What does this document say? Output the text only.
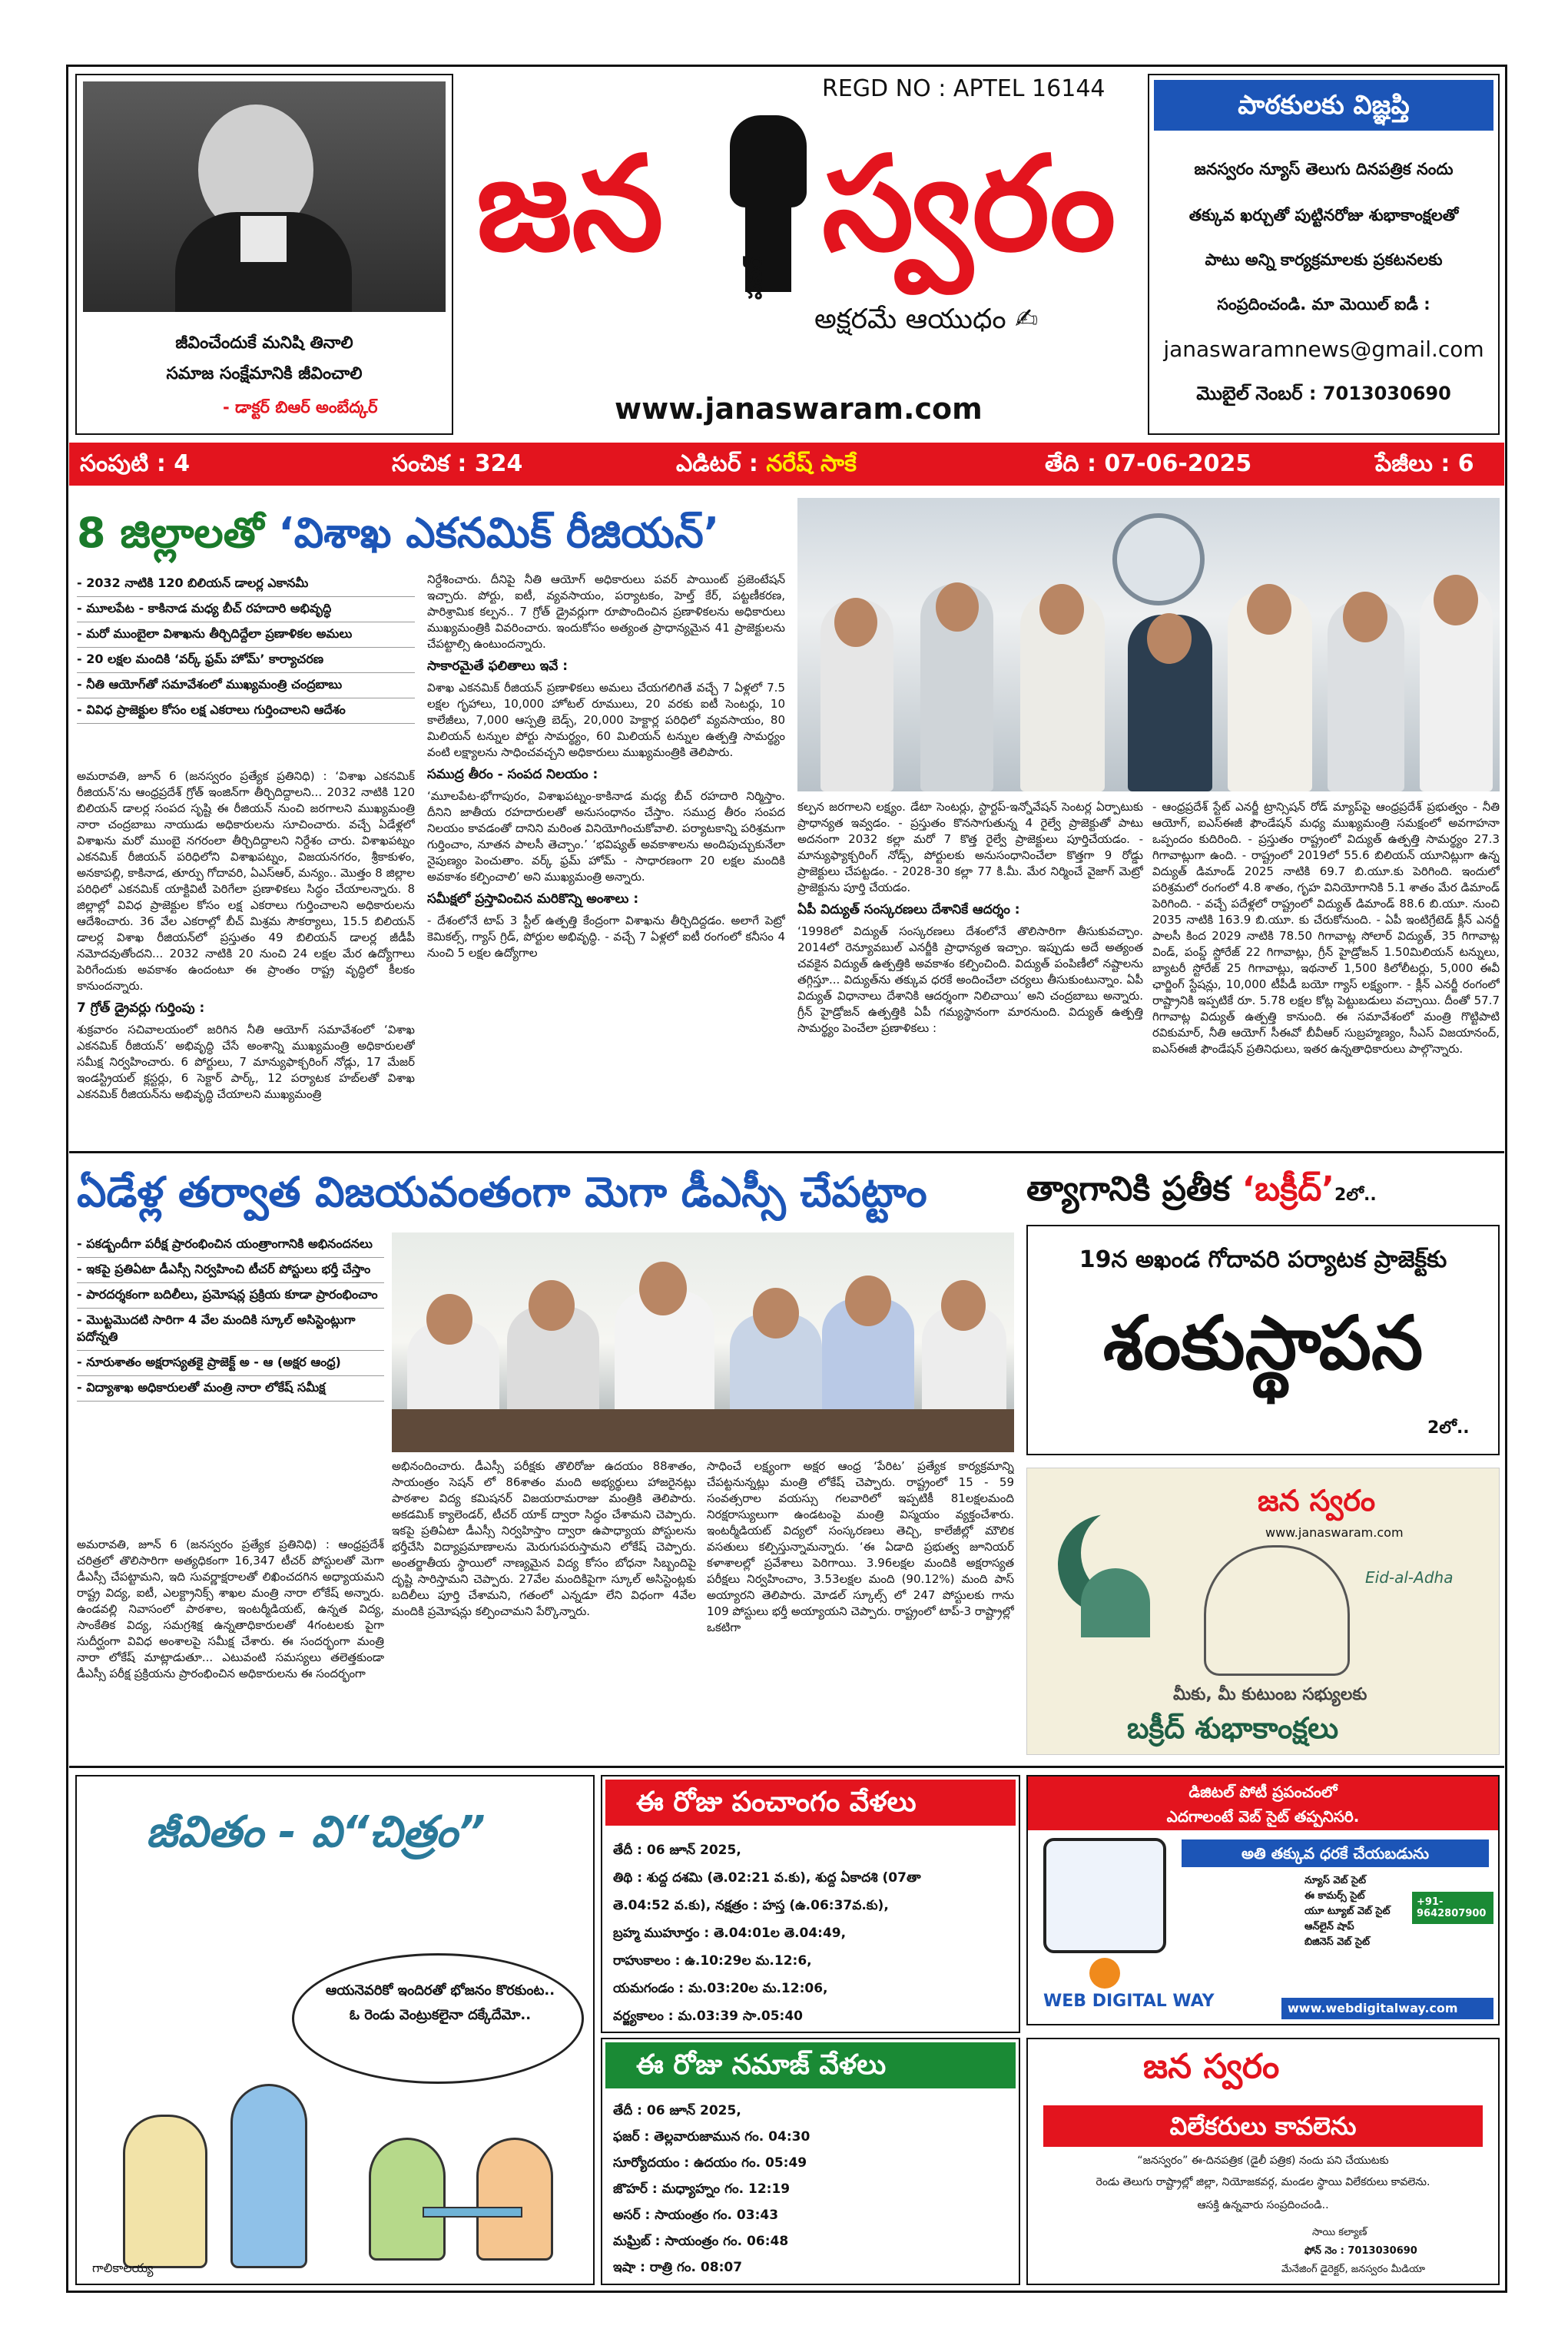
జీవించేందుకే మనిషి తినాలి
సమాజ సంక్షేమానికి జీవించాలి
- డాక్టర్ బిఆర్ అంబేద్కర్
REGD NO : APTEL 16144
జన స్వరం
పవర్
అక్షరమే ఆయుధం ✍
www.janaswaram.com
పాఠకులకు విజ్ఞప్తి
జనస్వరం న్యూస్ తెలుగు దినపత్రిక నందు
తక్కువ ఖర్చుతో పుట్టినరోజు శుభాకాంక్షలతో
పాటు అన్ని కార్యక్రమాలకు ప్రకటనలకు
సంప్రదించండి. మా మెయిల్ ఐడీ :
janaswaramnews@gmail.com
మొబైల్ నెంబర్ : 7013030690
సంపుటి : 4	సంచిక : 324	ఎడిటర్ : నరేష్ సాకే	తేది : 07-06-2025	పేజీలు : 6
8 జిల్లాలతో ‘విశాఖ ఎకనమిక్ రీజియన్’
- 2032 నాటికి 120 బిలియన్ డాలర్ల ఎకానమీ
- మూలపేట - కాకినాడ మధ్య బీచ్ రహదారి అభివృద్ధి
- మరో ముంబైలా విశాఖను తీర్చిదిద్దేలా ప్రణాళికల అమలు
- 20 లక్షల మందికి ‘వర్క్ ఫ్రమ్ హోమ్’ కార్యాచరణ
- నీతి ఆయోగ్‌తో సమావేశంలో ముఖ్యమంత్రి చంద్రబాబు
- వివిధ ప్రాజెక్టుల కోసం లక్ష ఎకరాలు గుర్తించాలని ఆదేశం

అమరావతి, జూన్ 6 (జనస్వరం ప్రత్యేక ప్రతినిధి) : ‘విశాఖ ఎకనమిక్ రీజియన్’ను ఆంధ్రప్రదేశ్ గ్రోత్ ఇంజిన్‌గా తీర్చిదిద్దాలని... 2032 నాటికి 120 బిలియన్ డాలర్ల సంపద సృష్టి ఈ రీజియన్ నుంచి జరగాలని ముఖ్యమంత్రి నారా చంద్రబాబు నాయుడు అధికారులను సూచించారు. వచ్చే ఏడేళ్లలో విశాఖను మరో ముంబై నగరంలా తీర్చిదిద్దాలని నిర్దేశం చారు. విశాఖపట్నం ఎకనమిక్ రీజియన్ పరిధిలోని విశాఖపట్నం, విజయనగరం, శ్రీకాకుళం, అనకాపల్లి, కాకినాడ, తూర్పు గోదావరి, ఏఎస్ఆర్, మన్యం.. మొత్తం 8 జిల్లాల పరిధిలో ఎకనమిక్ యాక్టివిటీ పెరిగేలా ప్రణాళికలు సిద్ధం చేయాలన్నారు. 8 జిల్లాల్లో వివిధ ప్రాజెక్టుల కోసం లక్ష ఎకరాలు గుర్తించాలని అధికారులను ఆదేశించారు. 36 వేల ఎకరాల్లో బీచ్ మిశ్రమ సౌకర్యాలు, 15.5 బిలియన్ డాలర్ల విశాఖ రీజియన్‌లో ప్రస్తుతం 49 బిలియన్ డాలర్ల జీడీపీ నమోదవుతోందని... 2032 నాటికి 20 నుంచి 24 లక్షల మేర ఉద్యోగాలు పెరిగేందుకు అవకాశం ఉందంటూ ఈ ప్రాంతం రాష్ట్ర వృద్ధిలో కీలకం కానుందన్నారు.

7 గ్రోత్ డ్రైవర్లు గుర్తింపు :

శుక్రవారం సచివాలయంలో జరిగిన నీతి ఆయోగ్ సమావేశంలో ‘విశాఖ ఎకనమిక్ రీజియన్’ అభివృద్ధి చేసే అంశాన్ని ముఖ్యమంత్రి అధికారులతో సమీక్ష నిర్వహించారు. 6 పోర్టులు, 7 మాన్యుఫాక్చరింగ్ నోడ్లు, 17 మేజర్ ఇండస్ట్రియల్ క్లస్టర్లు, 6 సెక్టార్ పార్క్, 12 పర్యాటక హబ్‌లతో విశాఖ ఎకనమిక్ రీజియన్‌ను అభివృద్ధి చేయాలని ముఖ్యమంత్రి

నిర్దేశించారు. దీనిపై నీతి ఆయోగ్ అధికారులు పవర్ పాయింట్ ప్రజెంటేషన్ ఇచ్చారు. పోర్టు, ఐటీ, వ్యవసాయం, పర్యాటకం, హెల్త్ కేర్, పట్టణీకరణ, పారిశ్రామిక కల్పన.. 7 గ్రోత్ డ్రైవర్లుగా రూపొందించిన ప్రణాళికలను అధికారులు ముఖ్యమంత్రికి వివరించారు. ఇందుకోసం అత్యంత ప్రాధాన్యమైన 41 ప్రాజెక్టులను చేపట్టాల్సి ఉంటుందన్నారు.

సాకారమైతే ఫలితాలు ఇవే :

విశాఖ ఎకనమిక్ రీజియన్ ప్రణాళికలు అమలు చేయగలిగితే వచ్చే 7 ఏళ్లలో 7.5 లక్షల గృహాలు, 10,000 హోటల్ రూములు, 20 వరకు ఐటీ సెంటర్లు, 10 కాలేజీలు, 7,000 ఆస్పత్రి బెడ్స్, 20,000 హెక్టార్ల పరిధిలో వ్యవసాయం, 80 మిలియన్ టన్నుల పోర్టు సామర్థ్యం, 60 మిలియన్ టన్నుల ఉత్పత్తి సామర్థ్యం వంటి లక్ష్యాలను సాధించవచ్చని అధికారులు ముఖ్యమంత్రికి తెలిపారు.

సముద్ర తీరం - సంపద నిలయం :

‘మూలపేట-భోగాపురం, విశాఖపట్నం-కాకినాడ మధ్య బీచ్ రహదారి నిర్మిస్తాం. దీనిని జాతీయ రహదారులతో అనుసంధానం చేస్తాం. సముద్ర తీరం సంపద నిలయం కావడంతో దానిని మరింత వినియోగించుకోవాలి. పర్యాటకాన్ని పరిశ్రమగా గుర్తించాం, నూతన పాలసీ తెచ్చాం.’ ‘భవిష్యత్ అవకాశాలను అందిపుచ్చుకునేలా నైపుణ్యం పెంచుతాం. వర్క్ ఫ్రమ్ హోమ్ - సాధారణంగా 20 లక్షల మందికి అవకాశం కల్పించాలి’ అని ముఖ్యమంత్రి అన్నారు.

సమీక్షలో ప్రస్తావించిన మరికొన్ని అంశాలు :

- దేశంలోనే టాప్ 3 స్టీల్ ఉత్పత్తి కేంద్రంగా విశాఖను తీర్చిదిద్దడం. అలాగే పెట్రో కెమికల్స్, గ్యాస్ గ్రిడ్, పోర్టుల అభివృద్ధి. - వచ్చే 7 ఏళ్లలో ఐటీ రంగంలో కనీసం 4 నుంచి 5 లక్షల ఉద్యోగాల

కల్పన జరగాలని లక్ష్యం. డేటా సెంటర్లు, స్టార్టప్-ఇన్నోవేషన్ సెంటర్ల ఏర్పాటుకు ప్రాధాన్యత ఇవ్వడం. - ప్రస్తుతం కొనసాగుతున్న 4 రైల్వే ప్రాజెక్టుతో పాటు అదనంగా 2032 కల్లా మరో 7 కొత్త రైల్వే ప్రాజెక్టులు పూర్తిచేయడం. - మాన్యుఫ్యాక్చరింగ్ నోడ్స్, పోర్టులకు అనుసంధానించేలా కొత్తగా 9 రోడ్డు ప్రాజెక్టులు చేపట్టడం. - 2028-30 కల్లా 77 కి.మీ. మేర నిర్మించే వైజాగ్ మెట్రో ప్రాజెక్టును పూర్తి చేయడం.

ఏపీ విద్యుత్ సంస్కరణలు దేశానికే ఆదర్శం :

‘1998లో విద్యుత్ సంస్కరణలు దేశంలోనే తొలిసారిగా తీసుకువచ్చాం. 2014లో రెన్యూవబుల్ ఎనర్జీకి ప్రాధాన్యత ఇచ్చాం. ఇప్పుడు అదే అత్యంత చవకైన విద్యుత్ ఉత్పత్తికి అవకాశం కల్పించింది. విద్యుత్ పంపిణీలో నష్టాలను తగ్గిస్తూ... విద్యుత్‌ను తక్కువ ధరకే అందించేలా చర్యలు తీసుకుంటున్నాం. ఏపీ విద్యుత్ విధానాలు దేశానికి ఆదర్శంగా నిలిచాయి’ అని చంద్రబాబు అన్నారు. గ్రీన్ హైడ్రోజన్ ఉత్పత్తికి ఏపీ గమ్యస్థానంగా మారనుంది. విద్యుత్ ఉత్పత్తి సామర్థ్యం పెంచేలా ప్రణాళికలు :

- ఆంధ్రప్రదేశ్ స్టేట్ ఎనర్జీ ట్రాన్సిషన్ రోడ్ మ్యాప్‌పై ఆంధ్రప్రదేశ్ ప్రభుత్వం - నీతి ఆయోగ్, ఐఎస్‌ఈజీ ఫౌండేషన్ మధ్య ముఖ్యమంత్రి సమక్షంలో అవగాహనా ఒప్పందం కుదిరింది. - ప్రస్తుతం రాష్ట్రంలో విద్యుత్ ఉత్పత్తి సామర్థ్యం 27.3 గిగావాట్లుగా ఉంది. - రాష్ట్రంలో 2019లో 55.6 బిలియన్ యూనిట్లుగా ఉన్న విద్యుత్ డిమాండ్ 2025 నాటికి 69.7 బి.యూ.కు పెరిగింది. ఇందులో పరిశ్రమలో రంగంలో 4.8 శాతం, గృహ వినియోగానికి 5.1 శాతం మేర డిమాండ్ పెరిగింది. - వచ్చే పదేళ్లలో రాష్ట్రంలో విద్యుత్ డిమాండ్ 88.6 బి.యూ. నుంచి 2035 నాటికి 163.9 బి.యూ. కు చేరుకోనుంది. - ఏపీ ఇంటిగ్రేటెడ్ క్లీన్ ఎనర్జీ పాలసీ కింద 2029 నాటికి 78.50 గిగావాట్ల సోలార్ విద్యుత్, 35 గిగావాట్ల విండ్, పంప్డ్ స్టోరేజ్ 22 గిగావాట్లు, గ్రీన్ హైడ్రోజన్ 1.50మిలియన్ టన్నులు, బ్యాటరీ స్టోరేజ్ 25 గిగావాట్లు, ఇథనాల్ 1,500 కిలోలీటర్లు, 5,000 ఈవీ ఛార్జింగ్ స్టేషన్లు, 10,000 టీపీడీ బయో గ్యాస్ లక్ష్యంగా. - క్లీన్ ఎనర్జీ రంగంలో రాష్ట్రానికి ఇప్పటికే రూ. 5.78 లక్షల కోట్ల పెట్టుబడులు వచ్చాయి. దీంతో 57.7 గిగావాట్ల విద్యుత్ ఉత్పత్తి కానుంది. ఈ సమావేశంలో మంత్రి గొట్టిపాటి రవికుమార్, నీతి ఆయోగ్ సీఈవో బీవీఆర్ సుబ్రహ్మణ్యం, సీఎస్ విజయానంద్, ఐఎస్‌ఈజీ ఫౌండేషన్ ప్రతినిధులు, ఇతర ఉన్నతాధికారులు పాల్గొన్నారు.

ఏడేళ్ల తర్వాత విజయవంతంగా మెగా డీఎస్సీ చేపట్టాం
- పకడ్బందీగా పరీక్ష ప్రారంభించిన యంత్రాంగానికి అభినందనలు
- ఇకపై ప్రతిఏటా డీఎస్సీ నిర్వహించి టీచర్ పోస్టులు భర్తీ చేస్తాం
- పారదర్శకంగా బదిలీలు, ప్రమోషన్ల ప్రక్రియ కూడా ప్రారంభించాం
- మొట్టమొదటి సారిగా 4 వేల మందికి స్కూల్ అసిస్టెంట్లుగా పదోన్నతి
- నూరుశాతం అక్షరాస్యతకై ప్రాజెక్ట్ అ - ఆ (అక్షర ఆంధ్ర)
- విద్యాశాఖ అధికారులతో మంత్రి నారా లోకేష్ సమీక్ష

అమరావతి, జూన్ 6 (జనస్వరం ప్రత్యేక ప్రతినిధి) : ఆంధ్రప్రదేశ్ చరిత్రలో తొలిసారిగా అత్యధికంగా 16,347 టీచర్ పోస్టులతో మెగా డీఎస్సీ చేపట్టామని, ఇది సువర్ణాక్షరాలతో లిఖించదగిన అధ్యాయమని రాష్ట్ర విద్య, ఐటీ, ఎలక్ట్రానిక్స్ శాఖల మంత్రి నారా లోకేష్ అన్నారు. ఉండవల్లి నివాసంలో పాఠశాల, ఇంటర్మీడియట్, ఉన్నత విద్య, సాంకేతిక విద్య, సమగ్రశిక్ష ఉన్నతాధికారులతో 4గంటలకు పైగా సుదీర్ఘంగా వివిధ అంశాలపై సమీక్ష చేశారు. ఈ సందర్భంగా మంత్రి నారా లోకేష్ మాట్లాడుతూ... ఎటువంటి సమస్యలు తలెత్తకుండా డీఎస్సీ పరీక్ష ప్రక్రియను ప్రారంభించిన అధికారులను ఈ సందర్భంగా

అభినందించారు. డీఎస్సీ పరీక్షకు తొలిరోజు ఉదయం 88శాతం, సాయంత్రం సెషన్ లో 86శాతం మంది అభ్యర్థులు హాజరైనట్లు పాఠశాల విద్య కమిషనర్ విజయరామరాజు మంత్రికి తెలిపారు. అకడమిక్ క్యాలెండర్, టీచర్ యాక్ ద్వారా సిద్ధం చేశామని చెప్పారు. ఇకపై ప్రతిఏటా డీఎస్సీ నిర్వహిస్తాం ద్వారా ఉపాధ్యాయ పోస్టులను భర్తీచేసి విద్యాప్రమాణాలను మెరుగుపరుస్తామని లోకేష్ చెప్పారు. అంతర్జాతీయ స్థాయిలో నాణ్యమైన విద్య కోసం బోధనా సిబ్బందిపై దృష్టి సారిస్తామని చెప్పారు. 27వేల మందికిపైగా స్కూల్ అసిస్టెంట్లకు బదిలీలు పూర్తి చేశామని, గతంలో ఎన్నడూ లేని విధంగా 4వేల మందికి ప్రమోషన్లు కల్పించామని పేర్కొన్నారు.

సాధించే లక్ష్యంగా అక్షర ఆంధ్ర ‘పేరిట’ ప్రత్యేక కార్యక్రమాన్ని చేపట్టనున్నట్లు మంత్రి లోకేష్ చెప్పారు. రాష్ట్రంలో 15 - 59 సంవత్సరాల వయస్సు గలవారిలో ఇప్పటికీ 81లక్షలమంది నిరక్షరాస్యులుగా ఉండటంపై మంత్రి విస్మయం వ్యక్తంచేశారు. ఇంటర్మీడియట్ విద్యలో సంస్కరణలు తెచ్చి, కాలేజీల్లో మౌలిక వసతులు కల్పిస్తున్నామన్నారు. ‘ఈ ఏడాది ప్రభుత్వ జూనియర్ కళాశాలల్లో ప్రవేశాలు పెరిగాయి. 3.96లక్షల మందికి అక్షరాస్యత పరీక్షలు నిర్వహించాం, 3.53లక్షల మంది (90.12%) మంది పాస్ అయ్యారని తెలిపారు. మోడల్ స్కూల్స్ లో 247 పోస్టులకు గాను 109 పోస్టులు భర్తీ అయ్యాయని చెప్పారు. రాష్ట్రంలో టాప్-3 రాష్ట్రాల్లో ఒకటిగా

త్యాగానికి ప్రతీక ‘బక్రీద్’2లో..
19న అఖండ గోదావరి పర్యాటక ప్రాజెక్ట్‌కు
శంకుస్థాపన
2లో..
జన స్వరం
www.janaswaram.com
Eid-al-Adha
మీకు, మీ కుటుంబ సభ్యులకు
బక్రీద్ శుభాకాంక్షలు
జీవితం - వి“చిత్రం”
ఆయనెవరికో ఇందిరతో భోజనం కొరకుంట.. ఓ రెండు వెంట్రుకలైనా దక్కేదేమో..
గాలికాలయ్య
ఈ రోజు పంచాంగం వేళలు
తేదీ : 06 జూన్ 2025,
తిథి : శుద్ద దశమి (తె.02:21 వ.కు), శుద్ద ఏకాదశి (07తా
తె.04:52 వ.కు), నక్షత్రం : హస్త (ఉ.06:37వ.కు),
బ్రహ్మ ముహూర్తం : తె.04:01ల తె.04:49,
రాహుకాలం : ఉ.10:29ల మ.12:6,
యమగండం : మ.03:20ల మ.12:06,
వర్జ్యకాలం : మ.03:39 సా.05:40
ఈ రోజు నమాజ్ వేళలు
తేదీ : 06 జూన్ 2025,
ఫజర్ : తెల్లవారుజామున గం. 04:30
సూర్యోదయం : ఉదయం గం. 05:49
జొహర్ : మధ్యాహ్నం గం. 12:19
అసర్ : సాయంత్రం గం. 03:43
మఘ్రిబ్ : సాయంత్రం గం. 06:48
ఇషా : రాత్రి గం. 08:07
డిజిటల్ పోటీ ప్రపంచంలో
ఎదగాలంటే వెబ్ సైట్ తప్పనిసరి.
అతి తక్కువ ధరకే చేయబడును
న్యూస్ వెబ్ సైట్
ఈ కామర్స్ సైట్
యూ ట్యూబ్ వెబ్ సైట్
ఆన్‌లైన్ షాప్
బిజినెస్ వెబ్ సైట్
+91-9642807900
WEB DIGITAL WAY	www.webdigitalway.com
జన స్వరం
విలేకరులు కావలెను
“జనస్వరం” ఈ-దినపత్రిక (డైలీ పత్రిక) నందు పని చేయుటకు
రెండు తెలుగు రాష్ట్రాల్లో జిల్లా, నియోజకవర్గ, మండల స్థాయి విలేకరులు కావలెను.
ఆసక్తి ఉన్నవారు సంప్రదించండి..
సాయి కల్యాణ్
ఫోన్ నెం : 7013030690
మేనేజింగ్ డైరెక్టర్, జనస్వరం మీడియా
